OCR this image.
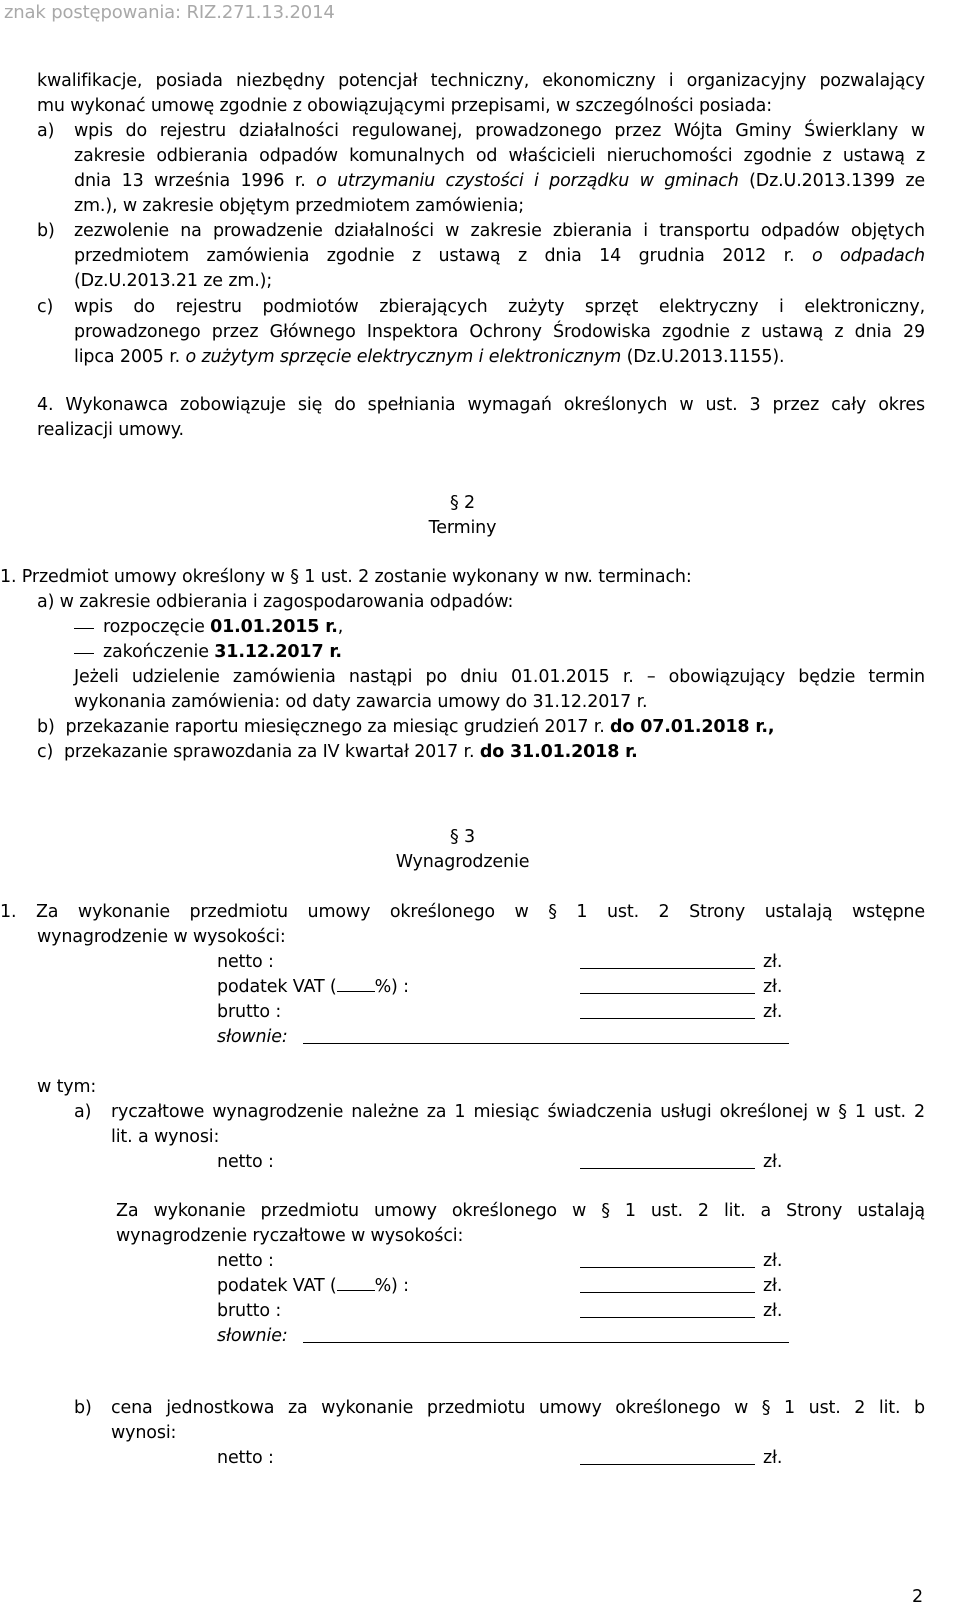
znak postępowania: RIZ.271.13.2014
kwalifikacje, posiada niezbędny potencjał techniczny, ekonomiczny i organizacyjny pozwalający
mu wykonać umowę zgodnie z obowiązującymi przepisami, w szczególności posiada:
a) wpis do rejestru działalności regulowanej, prowadzonego przez Wójta Gminy Świerklany w
zakresie odbierania odpadów komunalnych od właścicieli nieruchomości zgodnie z ustawą z
dnia 13 września 1996 r. o utrzymaniu czystości i porządku w gminach (Dz.U.2013.1399 ze
zm.), w zakresie objętym przedmiotem zamówienia;
b) zezwolenie na prowadzenie działalności w zakresie zbierania i transportu odpadów objętych
przedmiotem zamówienia zgodnie z ustawą z dnia 14 grudnia 2012 r. o odpadach
(Dz.U.2013.21 ze zm.);
c) wpis do rejestru podmiotów zbierających zużyty sprzęt elektryczny i elektroniczny,
prowadzonego przez Głównego Inspektora Ochrony Środowiska zgodnie z ustawą z dnia 29
lipca 2005 r. o zużytym sprzęcie elektrycznym i elektronicznym (Dz.U.2013.1155).
4. Wykonawca zobowiązuje się do spełniania wymagań określonych w ust. 3 przez cały okres
realizacji umowy.
§ 2
Terminy
1. Przedmiot umowy określony w § 1 ust. 2 zostanie wykonany w nw. terminach:
a) w zakresie odbierania i zagospodarowania odpadów:
rozpoczęcie 01.01.2015 r.,
zakończenie 31.12.2017 r.
Jeżeli udzielenie zamówienia nastąpi po dniu 01.01.2015 r. – obowiązujący będzie termin
wykonania zamówienia: od daty zawarcia umowy do 31.12.2017 r.
b)  przekazanie raportu miesięcznego za miesiąc grudzień 2017 r. do 07.01.2018 r.,
c)  przekazanie sprawozdania za IV kwartał 2017 r. do 31.01.2018 r.
§ 3
Wynagrodzenie
1. Za wykonanie przedmiotu umowy określonego w § 1 ust. 2 Strony ustalają wstępne
wynagrodzenie w wysokości:
netto :	zł.
podatek VAT ( %) :	zł.
brutto :	zł.
słownie:
w tym:
a) ryczałtowe wynagrodzenie należne za 1 miesiąc świadczenia usługi określonej w § 1 ust. 2
lit. a wynosi:
netto :	zł.
Za wykonanie przedmiotu umowy określonego w § 1 ust. 2 lit. a Strony ustalają
wynagrodzenie ryczałtowe w wysokości:
netto :	zł.
podatek VAT ( %) :	zł.
brutto :	zł.
słownie:
b) cena jednostkowa za wykonanie przedmiotu umowy określonego w § 1 ust. 2 lit. b
wynosi:
netto :	zł.
2
